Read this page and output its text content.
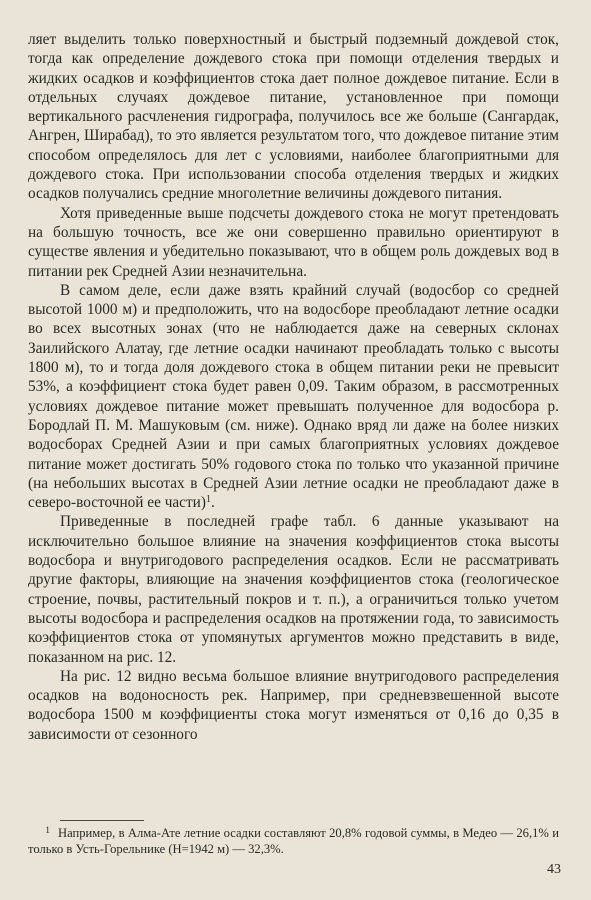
ляет выделить только поверхностный и быстрый подземный дождевой сток, тогда как определение дождевого стока при помощи отделения твердых и жидких осадков и коэффициентов стока дает полное дождевое питание. Если в отдельных случаях дождевое питание, установленное при помощи вертикального расчленения гидрографа, получилось все же больше (Сангардак, Ангрен, Ширабад), то это является результатом того, что дождевое питание этим способом определялось для лет с условиями, наиболее благоприятными для дождевого стока. При использовании способа отделения твердых и жидких осадков получались средние многолетние величины дождевого питания.

Хотя приведенные выше подсчеты дождевого стока не могут претендовать на большую точность, все же они совершенно правильно ориентируют в существе явления и убедительно показывают, что в общем роль дождевых вод в питании рек Средней Азии незначительна.

В самом деле, если даже взять крайний случай (водосбор со средней высотой 1000 м) и предположить, что на водосборе преобладают летние осадки во всех высотных зонах (что не наблюдается даже на северных склонах Заилийского Алатау, где летние осадки начинают преобладать только с высоты 1800 м), то и тогда доля дождевого стока в общем питании реки не превысит 53%, а коэффициент стока будет равен 0,09. Таким образом, в рассмотренных условиях дождевое питание может превышать полученное для водосбора р. Бородлай П. М. Машуковым (см. ниже). Однако вряд ли даже на более низких водосборах Средней Азии и при самых благоприятных условиях дождевое питание может достигать 50% годового стока по только что указанной причине (на небольших высотах в Средней Азии летние осадки не преобладают даже в северо-восточной ее части)$^1$.

Приведенные в последней графе табл. 6 данные указывают на исключительно большое влияние на значения коэффициентов стока высоты водосбора и внутригодового распределения осадков. Если не рассматривать другие факторы, влияющие на значения коэффициентов стока (геологическое строение, почвы, растительный покров и т. п.), а ограничиться только учетом высоты водосбора и распределения осадков на протяжении года, то зависимость коэффициентов стока от упомянутых аргументов можно представить в виде, показанном на рис. 12.

На рис. 12 видно весьма большое влияние внутригодового распределения осадков на водоносность рек. Например, при средневзвешенной высоте водосбора 1500 м коэффициенты стока могут изменяться от 0,16 до 0,35 в зависимости от сезонного

1 Например, в Алма-Ате летние осадки составляют 20,8% годовой суммы, в Медео — 26,1% и только в Усть-Горельнике (H=1942 м) — 32,3%.
43
